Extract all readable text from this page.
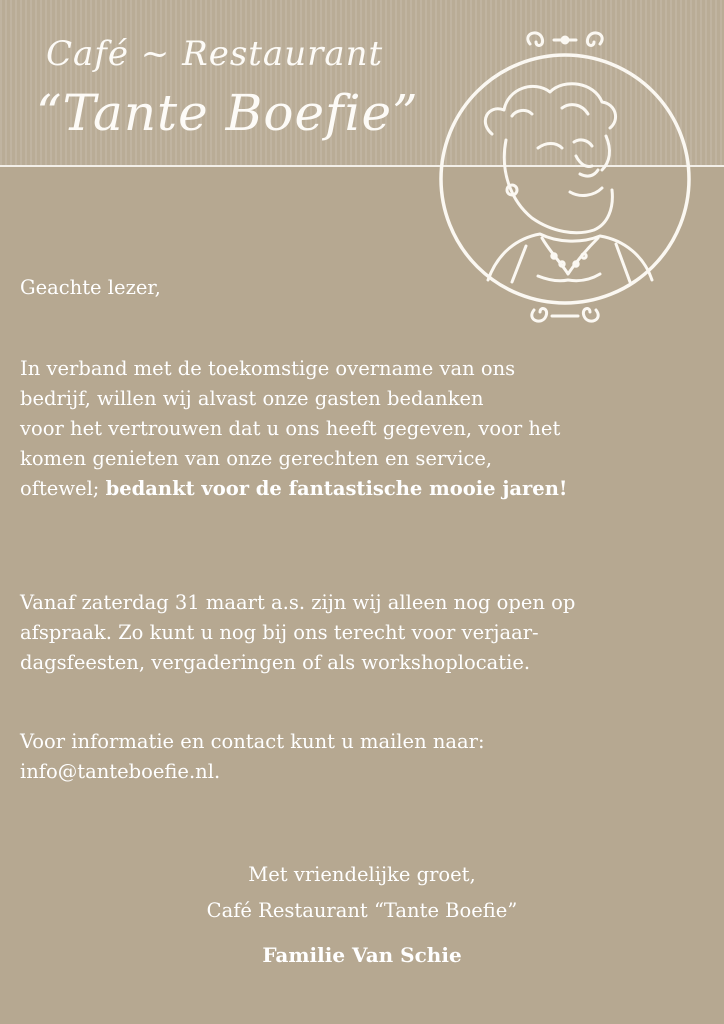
Café ~ Restaurant
“Tante Boefie”
Geachte lezer,
In verband met de toekomstige overname van ons
bedrijf, willen wij alvast onze gasten bedanken
voor het vertrouwen dat u ons heeft gegeven, voor het
komen genieten van onze gerechten en service,
oftewel; bedankt voor de fantastische mooie jaren!
Vanaf zaterdag 31 maart a.s. zijn wij alleen nog open op
afspraak. Zo kunt u nog bij ons terecht voor verjaar-
dagsfeesten, vergaderingen of als workshoplocatie.
Voor informatie en contact kunt u mailen naar:
info@tanteboefie.nl.
Met vriendelijke groet,
Café Restaurant “Tante Boefie”
Familie Van Schie
